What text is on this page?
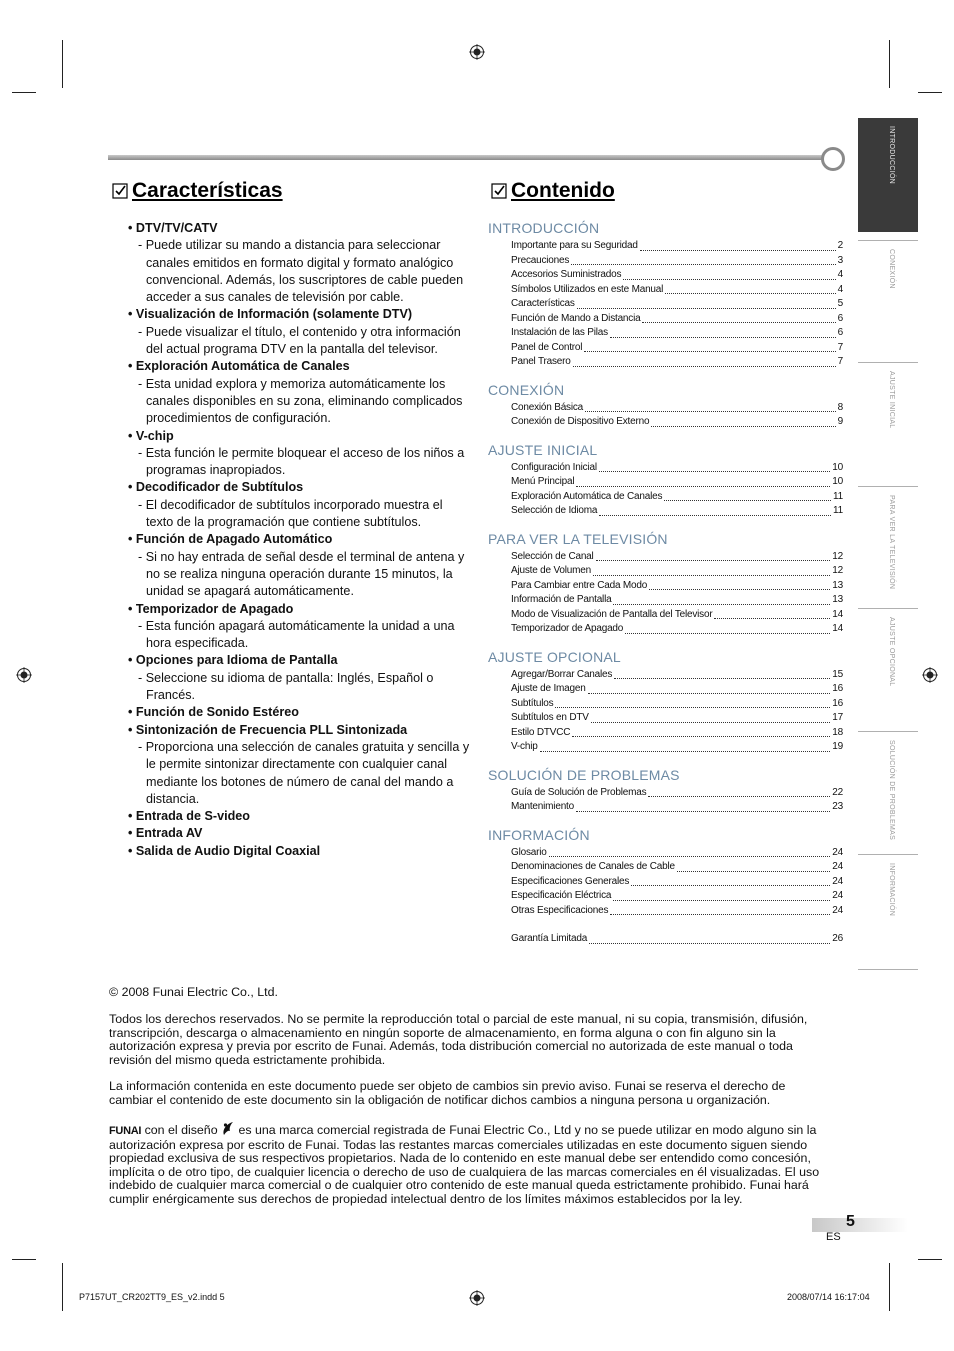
INTRODUCCIÓN
CONEXIÓN
AJUSTE INICIAL
PARA VER LA TELEVISIÓN
AJUSTE OPCIONAL
SOLUCIÓN DE PROBLEMAS
INFORMACIÓN
Características
• DTV/TV/CATV
- Puede utilizar su mando a distancia para seleccionar canales emitidos en formato digital y formato analógico convencional. Además, los suscriptores de cable pueden acceder a sus canales de televisión por cable.
• Visualización de Información (solamente DTV)
- Puede visualizar el título, el contenido y otra información del actual programa DTV en la pantalla del televisor.
• Exploración Automática de Canales
- Esta unidad explora y memoriza automáticamente los canales disponibles en su zona, eliminando complicados procedimientos de configuración.
• V-chip
- Esta función le permite bloquear el acceso de los niños a programas inapropiados.
• Decodificador de Subtítulos
- El decodificador de subtítulos incorporado muestra el texto de la programación que contiene subtítulos.
• Función de Apagado Automático
- Si no hay entrada de señal desde el terminal de antena y no se realiza ninguna operación durante 15 minutos, la unidad se apagará automáticamente.
• Temporizador de Apagado
- Esta función apagará automáticamente la unidad a una hora especificada.
• Opciones para Idioma de Pantalla
- Seleccione su idioma de pantalla: Inglés, Español o Francés.
• Función de Sonido Estéreo
• Sintonización de Frecuencia PLL Sintonizada
- Proporciona una selección de canales gratuita y sencilla y le permite sintonizar directamente con cualquier canal mediante los botones de número de canal del mando a distancia.
• Entrada de S-video
• Entrada AV
• Salida de Audio Digital Coaxial
Contenido
INTRODUCCIÓN
Importante para su Seguridad	2
Precauciones	3
Accesorios Suministrados	4
Símbolos Utilizados en este Manual	4
Características	5
Función de Mando a Distancia	6
Instalación de las Pilas	6
Panel de Control	7
Panel Trasero	7
CONEXIÓN
Conexión Básica	8
Conexión de Dispositivo Externo	9
AJUSTE INICIAL
Configuración Inicial	10
Menú Principal	10
Exploración Automática de Canales	11
Selección de Idioma	11
PARA VER LA TELEVISIÓN
Selección de Canal	12
Ajuste de Volumen	12
Para Cambiar entre Cada Modo	13
Información de Pantalla	13
Modo de Visualización de Pantalla del Televisor	14
Temporizador de Apagado	14
AJUSTE OPCIONAL
Agregar/Borrar Canales	15
Ajuste de Imagen	16
Subtítulos	16
Subtítulos en DTV	17
Estilo DTVCC	18
V-chip	19
SOLUCIÓN DE PROBLEMAS
Guía de Solución de Problemas	22
Mantenimiento	23
INFORMACIÓN
Glosario	24
Denominaciones de Canales de Cable	24
Especificaciones Generales	24
Especificación Eléctrica	24
Otras Especificaciones	24
Garantía Limitada	26
© 2008 Funai Electric Co., Ltd.
Todos los derechos reservados. No se permite la reproducción total o parcial de este manual, ni su copia, transmisión, difusión, transcripción, descarga o almacenamiento en ningún soporte de almacenamiento, en forma alguna o con fin alguno sin la autorización expresa y previa por escrito de Funai. Además, toda distribución comercial no autorizada de este manual o toda revisión del mismo queda estrictamente prohibida.
La información contenida en este documento puede ser objeto de cambios sin previo aviso. Funai se reserva el derecho de cambiar el contenido de este documento sin la obligación de notificar dichos cambios a ninguna persona u organización.
FUNAI con el diseño es una marca comercial registrada de Funai Electric Co., Ltd y no se puede utilizar en modo alguno sin la autorización expresa por escrito de Funai. Todas las restantes marcas comerciales utilizadas en este documento siguen siendo propiedad exclusiva de sus respectivos propietarios. Nada de lo contenido en este manual debe ser entendido como concesión, implícita o de otro tipo, de cualquier licencia o derecho de uso de cualquiera de las marcas comerciales en él visualizadas. El uso indebido de cualquier marca comercial o de cualquier otro contenido de este manual queda estrictamente prohibido. Funai hará cumplir enérgicamente sus derechos de propiedad intelectual dentro de los límites máximos establecidos por la ley.
5
ES
P7157UT_CR202TT9_ES_v2.indd 5	2008/07/14 16:17:04
